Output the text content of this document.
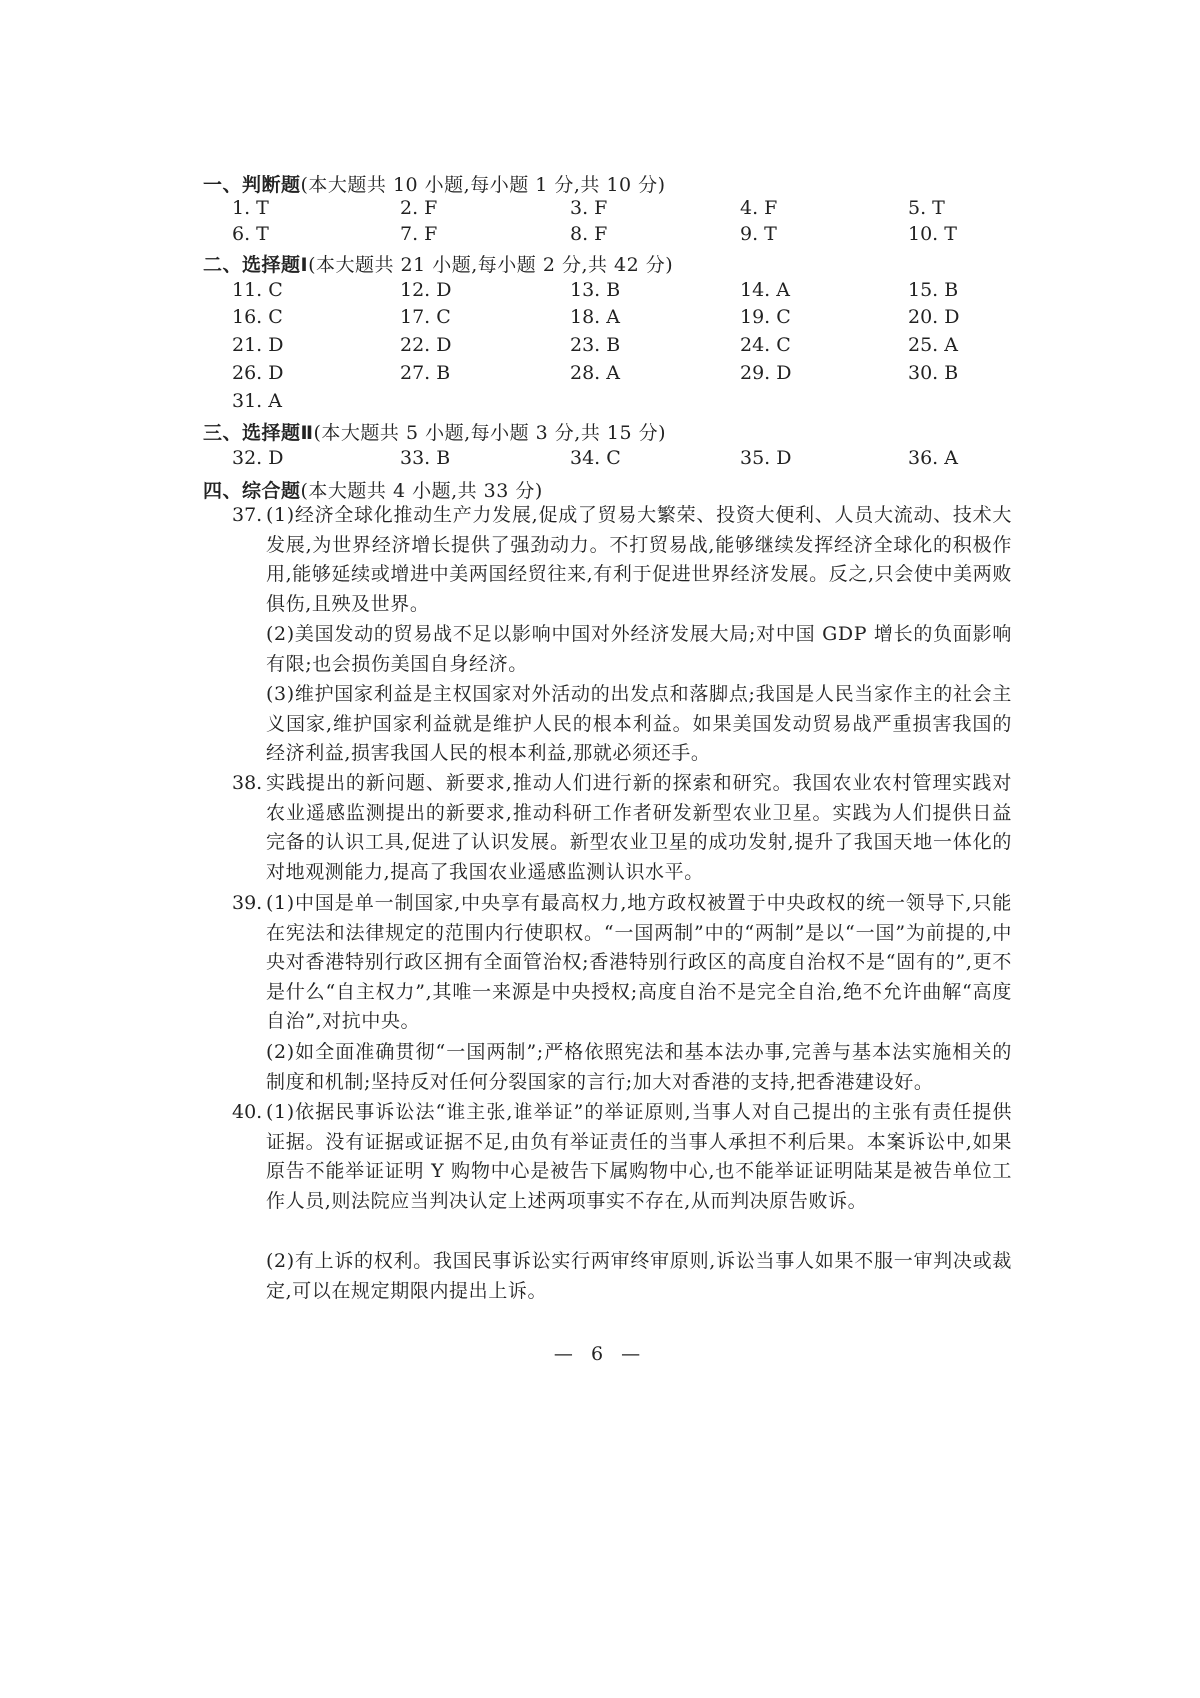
一、判断题(本大题共 10 小题,每小题 1 分,共 10 分)
1. T	2. F	3. F	4. F	5. T
6. T	7. F	8. F	9. T	10. T
二、选择题Ⅰ(本大题共 21 小题,每小题 2 分,共 42 分)
11. C	12. D	13. B	14. A	15. B
16. C	17. C	18. A	19. C	20. D
21. D	22. D	23. B	24. C	25. A
26. D	27. B	28. A	29. D	30. B
31. A
三、选择题Ⅱ(本大题共 5 小题,每小题 3 分,共 15 分)
32. D	33. B	34. C	35. D	36. A
四、综合题(本大题共 4 小题,共 33 分)
37. (1)经济全球化推动生产力发展,促成了贸易大繁荣、投资大便利、人员大流动、技术大发展,为世界经济增长提供了强劲动力。不打贸易战,能够继续发挥经济全球化的积极作用,能够延续或增进中美两国经贸往来,有利于促进世界经济发展。反之,只会使中美两败俱伤,且殃及世界。

(2)美国发动的贸易战不足以影响中国对外经济发展大局;对中国 GDP 增长的负面影响有限;也会损伤美国自身经济。

(3)维护国家利益是主权国家对外活动的出发点和落脚点;我国是人民当家作主的社会主义国家,维护国家利益就是维护人民的根本利益。如果美国发动贸易战严重损害我国的经济利益,损害我国人民的根本利益,那就必须还手。

38. 实践提出的新问题、新要求,推动人们进行新的探索和研究。我国农业农村管理实践对农业遥感监测提出的新要求,推动科研工作者研发新型农业卫星。实践为人们提供日益完备的认识工具,促进了认识发展。新型农业卫星的成功发射,提升了我国天地一体化的对地观测能力,提高了我国农业遥感监测认识水平。

39. (1)中国是单一制国家,中央享有最高权力,地方政权被置于中央政权的统一领导下,只能在宪法和法律规定的范围内行使职权。“一国两制”中的“两制”是以“一国”为前提的,中央对香港特别行政区拥有全面管治权;香港特别行政区的高度自治权不是“固有的”,更不是什么“自主权力”,其唯一来源是中央授权;高度自治不是完全自治,绝不允许曲解“高度自治”,对抗中央。

(2)如全面准确贯彻“一国两制”;严格依照宪法和基本法办事,完善与基本法实施相关的制度和机制;坚持反对任何分裂国家的言行;加大对香港的支持,把香港建设好。

40. (1)依据民事诉讼法“谁主张,谁举证”的举证原则,当事人对自己提出的主张有责任提供证据。没有证据或证据不足,由负有举证责任的当事人承担不利后果。本案诉讼中,如果原告不能举证证明 Y 购物中心是被告下属购物中心,也不能举证证明陆某是被告单位工作人员,则法院应当判决认定上述两项事实不存在,从而判决原告败诉。

(2)有上诉的权利。我国民事诉讼实行两审终审原则,诉讼当事人如果不服一审判决或裁定,可以在规定期限内提出上诉。

— 6 —
